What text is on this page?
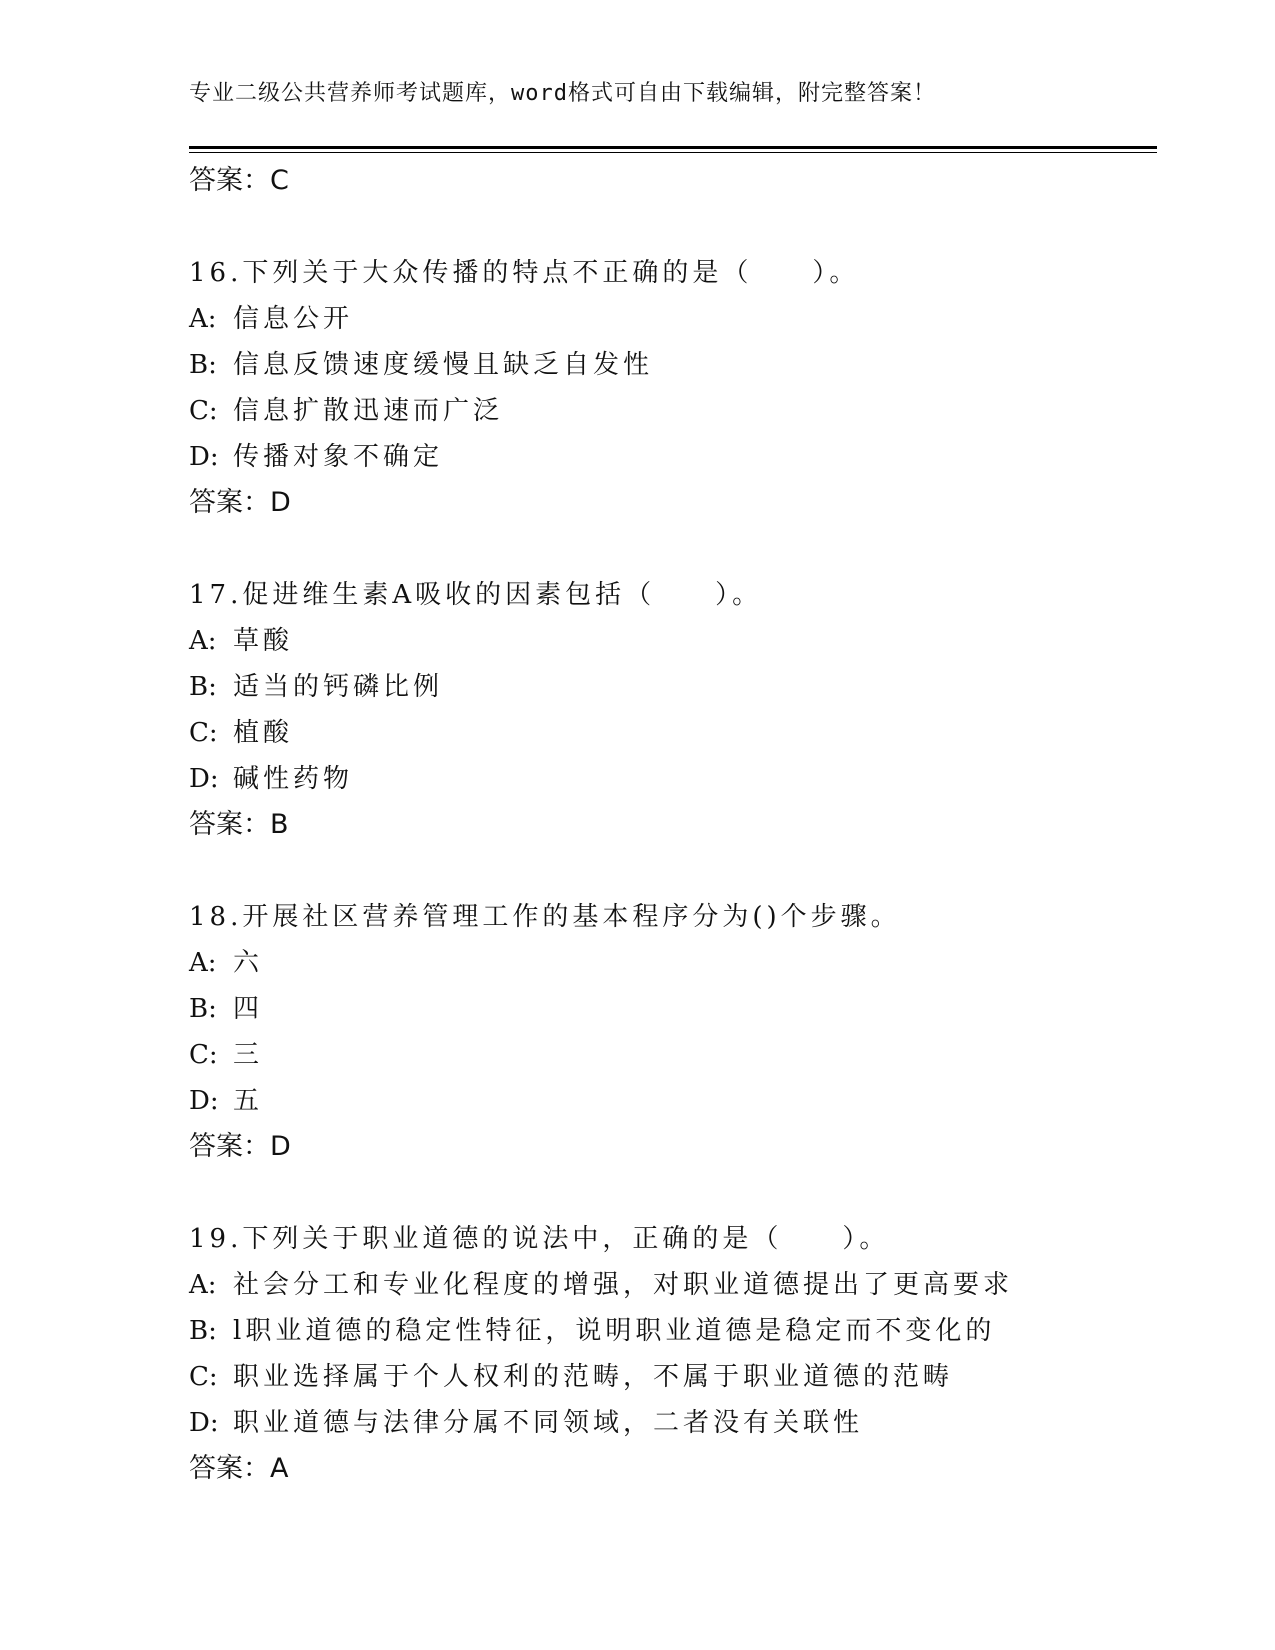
专业二级公共营养师考试题库，word格式可自由下载编辑，附完整答案！
答案：C
16.下列关于大众传播的特点不正确的是（　　）。
A: 信息公开
B: 信息反馈速度缓慢且缺乏自发性
C: 信息扩散迅速而广泛
D: 传播对象不确定
答案：D
17.促进维生素A吸收的因素包括（　　）。
A: 草酸
B: 适当的钙磷比例
C: 植酸
D: 碱性药物
答案：B
18.开展社区营养管理工作的基本程序分为()个步骤。
A: 六
B: 四
C: 三
D: 五
答案：D
19.下列关于职业道德的说法中，正确的是（　　）。
A: 社会分工和专业化程度的增强，对职业道德提出了更高要求
B: l职业道德的稳定性特征，说明职业道德是稳定而不变化的
C: 职业选择属于个人权利的范畴，不属于职业道德的范畴
D: 职业道德与法律分属不同领域，二者没有关联性
答案：A
